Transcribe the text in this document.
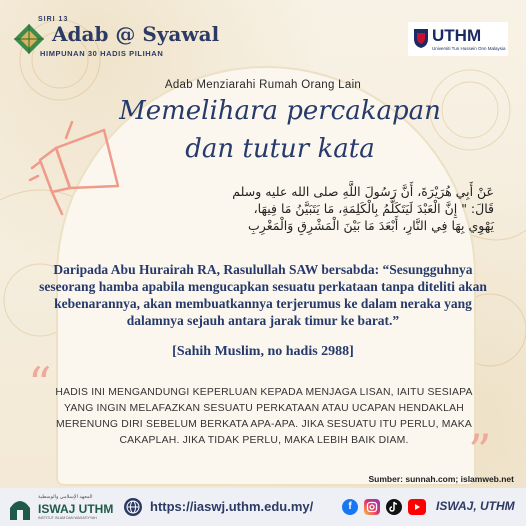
SIRI 13
Adab @ Syawal
HIMPUNAN 30 HADIS PILIHAN
UTHM
Universiti Tun Hussein Onn Malaysia
Adab Menziarahi Rumah Orang Lain
Memelihara percakapan
dan tutur kata
عَنْ أَبِي هُرَيْرَةَ، أَنَّ رَسُولَ اللَّهِ صلى الله عليه وسلم
قَالَ: " إِنَّ الْعَبْدَ لَيَتَكَلَّمُ بِالْكَلِمَةِ، مَا يَتَبَيَّنُ مَا فِيهَا،
يَهْوِي بِهَا فِي النَّارِ، أَبْعَدَ مَا بَيْنَ الْمَشْرِقِ وَالْمَغْرِبِ
Daripada Abu Hurairah RA, Rasulullah SAW bersabda: “Sesungguhnya seseorang hamba apabila mengucapkan sesuatu perkataan tanpa diteliti akan kebenarannya, akan membuatkannya terjerumus ke dalam neraka yang dalamnya sejauh antara jarak timur ke barat.”
[Sahih Muslim, no hadis 2988]
“ HADIS INI MENGANDUNGI KEPERLUAN KEPADA MENJAGA LISAN, IAITU SESIAPA YANG INGIN MELAFAZKAN SESUATU PERKATAAN ATAU UCAPAN HENDAKLAH MERENUNG DIRI SEBELUM BERKATA APA-APA. JIKA SESUATU ITU PERLU, MAKA CAKAPLAH. JIKA TIDAK PERLU, MAKA LEBIH BAIK DIAM.	”
Sumber: sunnah.com; islamweb.net
المعهد الإسلامي والوسطية
ISWAJ UTHM
INSTITUT ISLAM DAN WASATIYYAH
https://iaswj.uthm.edu.my/	f	ISWAJ, UTHM
